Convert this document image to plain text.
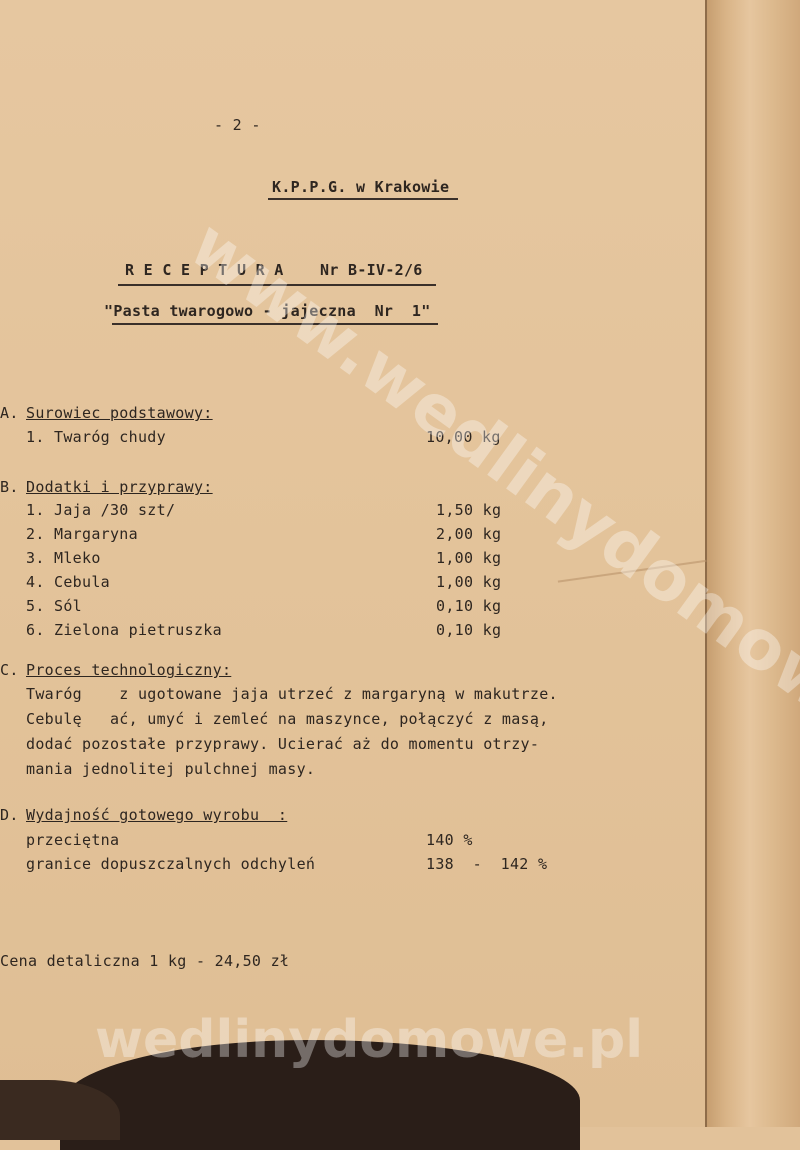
- 2 -
K.P.P.G. w Krakowie
R E C E P T U R A Nr B-IV-2/6
"Pasta twarogowo - jajeczna  Nr  1"
A. Surowiec podstawowy:
1. Twaróg chudy	10,00 kg
B. Dodatki i przyprawy:
1. Jaja /30 szt/	1,50 kg
2. Margaryna	2,00 kg
3. Mleko	1,00 kg
4. Cebula	1,00 kg
5. Sól	0,10 kg
6. Zielona pietruszka	0,10 kg
C. Proces technologiczny:
Twaróg    z ugotowane jaja utrzeć z margaryną w makutrze.
Cebulę   ać, umyć i zemleć na maszynce, połączyć z masą,
dodać pozostałe przyprawy. Ucierać aż do momentu otrzy-
mania jednolitej pulchnej masy.
D. Wydajność gotowego wyrobu  :
przeciętna	140 %
granice dopuszczalnych odchyleń	138  -  142 %
Cena detaliczna 1 kg - 24,50 zł
wedlinydomowe.pl
